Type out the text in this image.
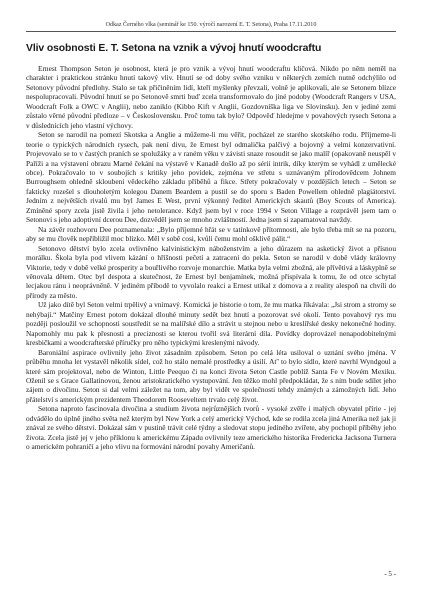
Odkaz Černého vlka (seminář ke 150. výročí narození E. T. Setona), Praha 17.11.2010
Vliv osobnosti E. T. Setona na vznik a vývoj hnutí woodcraftu

Ernest Thompson Seton je osobnost, která je pro vznik a vývoj hnutí woodcraftu klíčová. Nikdo po něm neměl na charakter i praktickou stránku hnutí takový vliv. Hnutí se od doby svého vzniku v některých zemích nutně odchýlilo od Setonovy původní předlohy. Stalo se tak přičiněním lidí, kteří myšlenky převzali, volně je aplikovali, ale se Setonem blízce nespolupracovali. Původní hnutí se po Setonově smrti bud' zcela transformovalo do jiné podoby (Woodcraft Rangers v USA, Woodcraft Folk a OWC v Anglii), nebo zaniklo (Kibbo Kift v Anglii, Gozdovníška liga ve Slovinsku). Jen v jediné zemi zůstalo věrné původní předloze – v Československu. Proč tomu tak bylo? Odpověď hledejme v povahových rysech Setona a v důslednících jeho vlastní výchovy.

Seton se narodil na pomezí Skotska a Anglie a můžeme-li mu věřit, pocházel ze starého skotského rodu. Příjmeme-li teorie o typických národních rysech, pak není divu, že Ernest byl odmalička palčivý a bojovný a velmi konzervativní. Projevovalo se to v častých praních se spolužáky a v raném věku v závisti snaze rosoudit se jako malíř (opakovaně neuspěl v Paříži a na výstavení obrazu Marné čekání na výstavě v Kanadě došlo až po sérii intrik, díky kterým se vyhádl z umělecké obce). Pokračovalo to v soubojích s kritiky jeho povídek, zejména ve střetu s uznávaným přírodovědcem Johnem Burroughsem ohledně skloubení vědeckého základu příběhů a fikce. Střety pokračovaly v pozdějších letech – Seton se fakticky rozešel s dlouholetým kolegou Danem Beardem a pustil se do sporu s Baden Powellem ohledně plagiátorství. Jedním z největších rivalů mu byl James E West, první výkonný ředitel Amerických skautů (Boy Scouts of America). Zmíněné spory zcela jistě živila i jeho netolerance. Když jsem byl v roce 1994 v Seton Village a rozprávěl jsem tam o Setonovi s jeho adoptivní dcerou Dee, dozvěděl jsem se mnoho zvláštností. Jedna jsem si zapamatoval navždy.

Na závěr rozhovoru Dee poznamenala: „Bylo příjemné hřát se v tatínkově přítomnosti, ale bylo třeba mít se na pozoru, aby se mu člověk nepříbližil moc blízko. Měl v sobě cosi, kvůli čemu mohl ošklivě pálit.“

Setonovo dětství bylo zcela ovlivněno kalvinistickým náboženstvím a jeho důrazem na asketický život a přísnou morálku. Škola byla pod vlivem kázání o hříšnosti pečetí a zatracení do pekla. Seton se narodil v době vlády královny Viktorie, tedy v době velké prosperity a bouřlivého rozvoje monarchie. Matka byla velmi zbožná, ale přívětivá a láskyplně se věnovala dětem. Otec byl despota a skutečnost, že Ernest byl benjamínek, možná přispívala k tomu, že od otce schytal lecjakou ránu i neoprávněně. V jediném příbodě to vyvolalo reakci a Ernest utíkal z domova a z reality alespoň na chvíli do přírody za město.

Už jako dítě byl Seton velmi trpělivý a vnímavý. Komická je historie o tom, že mu matka říkávala: „Jsi strom a stromy se nehýbají.“ Matčiny Ernest potom dokázal dlouhé minuty sedět bez hnutí a pozorovat své okolí. Tento povahový rys mu později posloužil ve schopnosti soustředit se na malířské dílo a strávit u stejnou nebo u kreslířské desky nekonečné hodiny. Napomohly mu pak k přesnosti a preciznosti se kterou tvořil svá literární díla. Povídky doprovázel nenapodobitelnými kresbičkami a woodcrafterské příručky pro něho typickými kreslenými návody.

Baroniální aspirace ovlivnily jeho život zásadním způsobem. Seton po celá léta usiloval o uznání svého jména. V průběhu mnoha let vystavěl několik sídel, což ho stálo nemalé prostředky a úsilí. Ať' to bylo sídlo, které navrhl Wyndgoul a které sám projektoval, nebo de Winton, Little Peequo či na konci života Seton Castle poblíž Santa Fe v Novém Mexiku. Oženil se s Grace Gallatinovou, ženou aristokratického vystupování. Jen těžko mohl předpokládat, že s ním bude sdílet jeho zájem o divočinu. Seton si dal velmi záležet na tom, aby byl vidět ve společnosti tehdy známých a zámožných lidí. Jeho přátelství s americkým prezidentem Theodorem Rooseveltem trvalo celý život.

Setona naproto fascinovala divočina a studium života nejrůznějších tvorů - vysoké zvěře i malých obyvatel přírie - jej odvádělo do úplně jiného světa než kterým byl New York a celý americký Východ, kde se rodila zcela jiná Amerika než jak ji znával ze svého dětství. Dokázal sám v pustině trávit celé týdny a sledovat stopu jediného zvířete, aby pochopil příběhy jeho života. Zcela jistě jej v jeho příklonu k americkému Západu ovlivnily teze amerického historika Fredericka Jacksona Turnera o americkém pohraničí a jeho vlivu na formování národní povahy Američanů.

- 5 -
